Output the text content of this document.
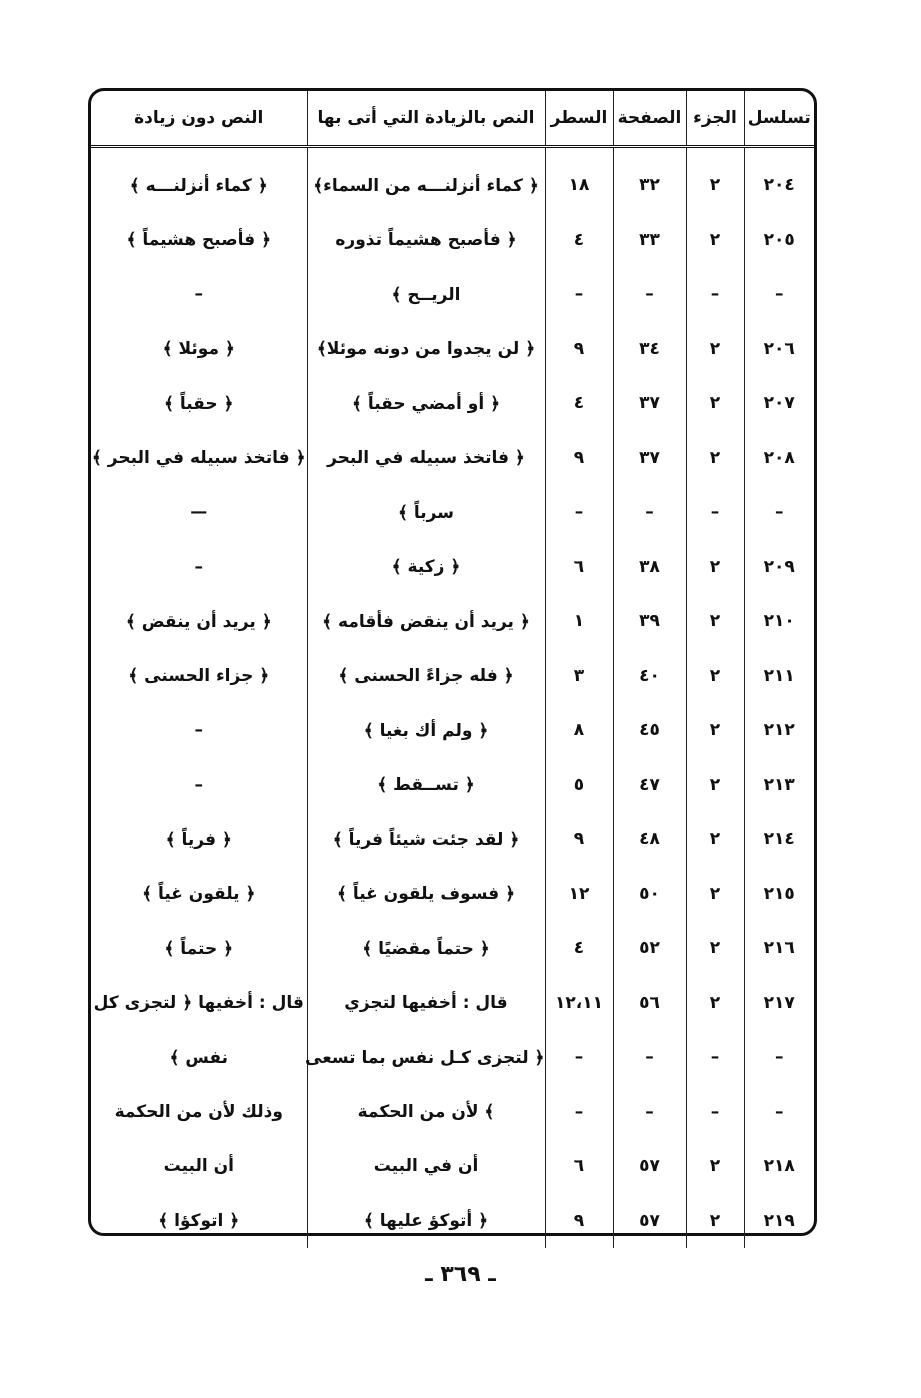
تسلسل	الجزء	الصفحة	السطر	النص بالزيادة التي أتى بها	النص دون زيادة
٢٠٤	٢	٣٢	١٨	﴿ كماء أنزلنـــه من السماء﴾	﴿ كماء أنزلنـــه ﴾
٢٠٥	٢	٣٣	٤	﴿ فأصبح هشيماً تذوره	﴿ فأصبح هشيماً ﴾
–	–	–	–	الريــح ﴾	–
٢٠٦	٢	٣٤	٩	﴿ لن يجدوا من دونه موئلا﴾	﴿ موئلا ﴾
٢٠٧	٢	٣٧	٤	﴿ أو أمضي حقباً ﴾	﴿ حقباً ﴾
٢٠٨	٢	٣٧	٩	﴿ فاتخذ سبيله في البحر	﴿ فاتخذ سبيله في البحر ﴾
–	–	–	–	سرباً ﴾	—
٢٠٩	٢	٣٨	٦	﴿ زكية ﴾	–
٢١٠	٢	٣٩	١	﴿ يريد أن ينقض فأقامه ﴾	﴿ يريد أن ينقض ﴾
٢١١	٢	٤٠	٣	﴿ فله جزاءً الحسنى ﴾	﴿ جزاء الحسنى ﴾
٢١٢	٢	٤٥	٨	﴿ ولم أك بغيا ﴾	–
٢١٣	٢	٤٧	٥	﴿ تســقط ﴾	–
٢١٤	٢	٤٨	٩	﴿ لقد جئت شيئاً فرياً ﴾	﴿ فرياً ﴾
٢١٥	٢	٥٠	١٢	﴿ فسوف يلقون غياً ﴾	﴿ يلقون غياً ﴾
٢١٦	٢	٥٢	٤	﴿ حتماً مقضيًا ﴾	﴿ حتماً ﴾
٢١٧	٢	٥٦	١٢،١١	قال : أخفيها لتجزي	قال : أخفيها ﴿ لتجزى كل
–	–	–	–	﴿ لتجزى كـل نفس بما تسعى	نفس ﴾
–	–	–	–	﴾ لأن من الحكمة	وذلك لأن من الحكمة
٢١٨	٢	٥٧	٦	أن في البيت	أن البيت
٢١٩	٢	٥٧	٩	﴿ أتوكؤ عليها ﴾	﴿ اتوكؤا ﴾
ـ ٣٦٩ ـ
